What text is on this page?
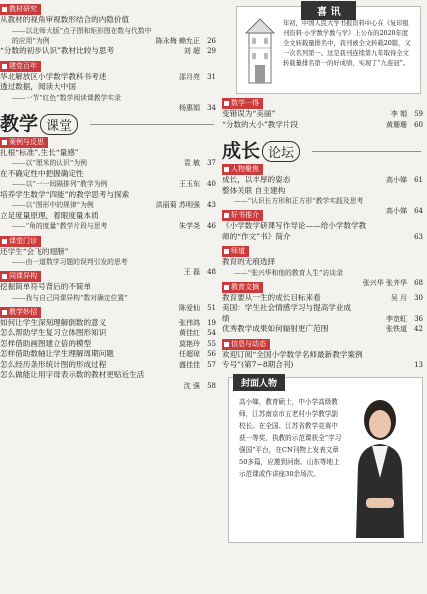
教材研究
从教材的视角审视数形结合的内隐价值
——以北师大版“点子图和矩形图在数与代数中
的应用”为例	陈永梅 赖允正 26
“分数的初步认识”教材比较与思考	刘 超 29
建党百年
华北解放区小学数学教科书考述	邵月亮 31
透过数据，阅读大中国
——一节“红色”数学阅读课教学实录
杨惠娟 34
教学 课堂
案例与反思
扎根“标准”,生长“量感”
——以“厘米的认识”为例	袁 敏 37
在不确定性中把握确定性
——以“一一间隔排列”教学为例	王玉东 40
培养学生数学“四能”的教学思考与探索
——以“图形中的规律”为例	洪丽菊 苏明强 43
立足度量原理，着眼度量本质
——“角的度量”教学片段与思考	朱学尧 46
课堂门诊
还学生“会飞的翅膀”
——由一道数学习题的误判引发的思考
王 磊 48
同课异构
挖掘简单符号背后的不简单
——我与自己同课异构“数对确定位置”
陈爱仙 51
教学妙招
如何让学生深刻理解倒数的意义	张伟鸿 19
怎么帮助学生复习立体图形知识	黄佳红 54
怎样借助画图建立倍的模型	莫艳玲 55
怎样借助数轴让学生理解周期问题	任超琼 56
怎么经历条形统计图的形成过程	盛佳佳 57
怎么做能让用字母表示数的教材更贴近生活
沈 强 58
喜 讯
年初，中国人民大学书报资料中心在《复印报刊资料·小学数学教与学》上公布的2020年度全文转载量排名中，我刊被全文转载20篇，又一次名列第一。这是我刊连续第九年取得全文转载量排名第一的好成绩，实现了“九连冠”。
数学一得
变错误为“美丽”	李 娟 59
“分数的大小”教学片段	黄珊珊 60
成长 论坛
人物聚焦
成长，以丰厚的姿态	高小娣 61
整体关联 自主建构
——“认识长方形和正方形”教学实践及思考
高小娣 64
好书推介
《小学数学研课写作导论——给小学数学教
师的“作文”书》简介	63
师道
教育的无痕选择
——“张兴华和他的教育人生”访谈录
张兴华 张齐华 68
教育文摘
教育要从一生的成长目标来看	吴 月 30
美国：学生社会情感学习与提高学业成
绩	李宽虹 36
优秀教学成果如何辐射更广范围	张铁道 42
信息与动态
欢迎订阅“全国小学数学名师最新教学案例
专号”(第7~8期合刊)	13
封面人物
高小娣，教育硕士，中小学高级教师，江苏南京市五老村小学教学副校长。在全国、江苏省教学竞赛中获一等奖，执教的示范课获全“学习强国”平台，在CN刊物上发表文章50多篇，应邀到河南、山东等地上示范课或作讲座30余场次。
